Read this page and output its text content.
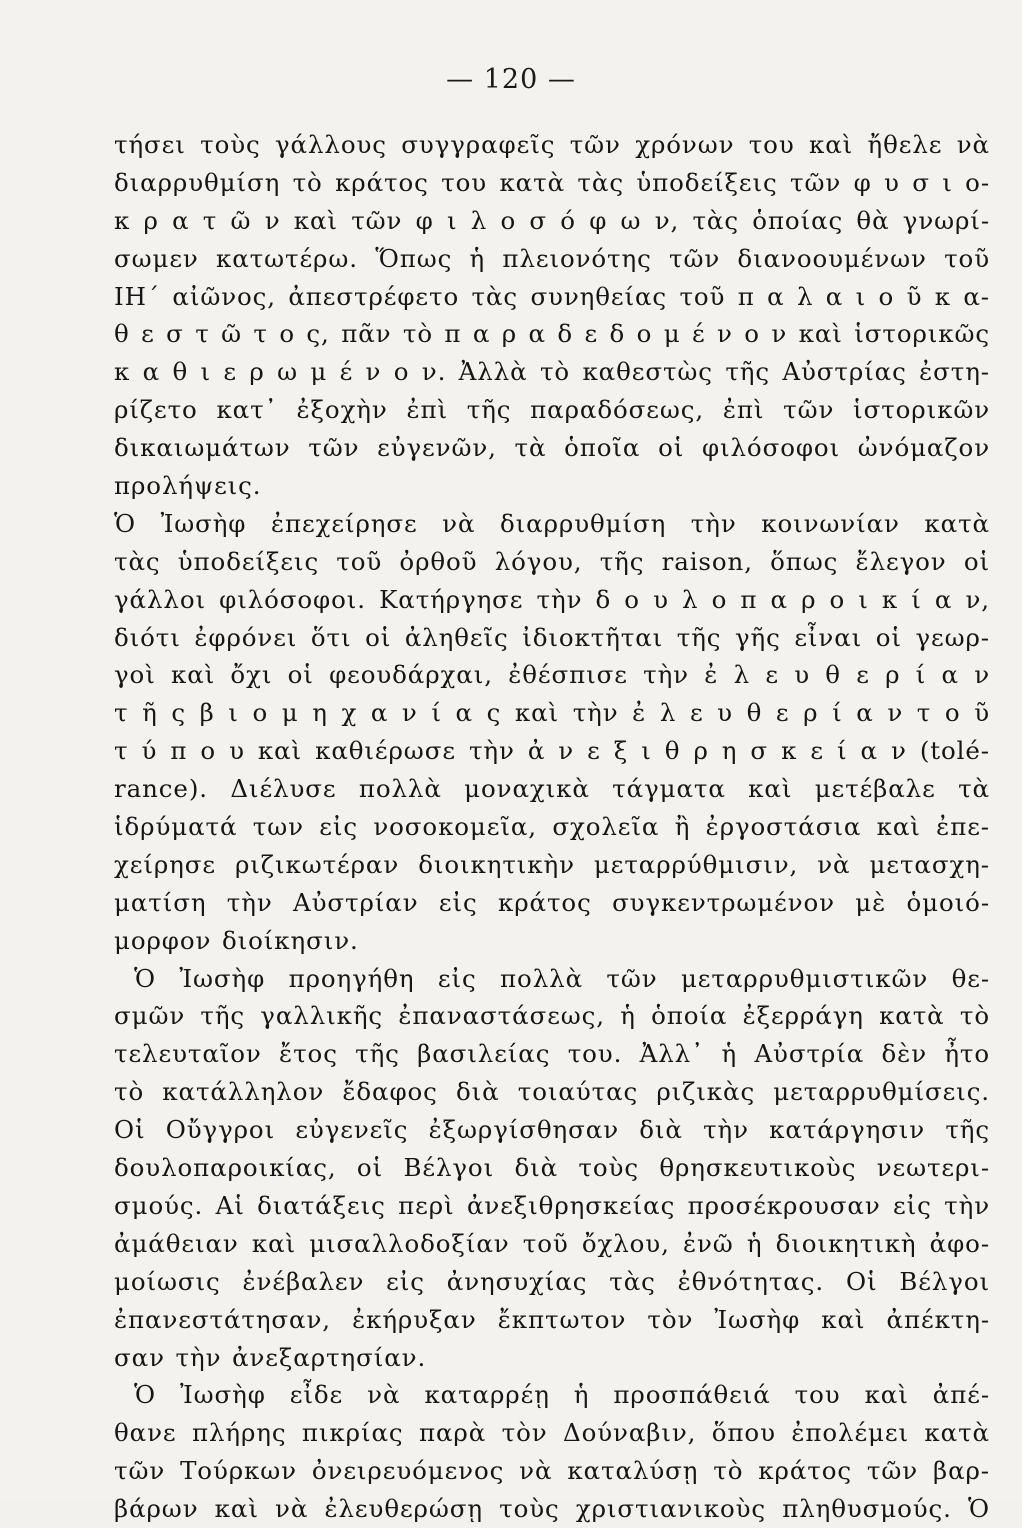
— 120 —
τήσει τοὺς γάλλους συγγραφεῖς τῶν χρόνων του καὶ ἤθελε νὰ
διαρρυθμίση τὸ κράτος του κατὰ τὰς ὑποδείξεις τῶν φ υ σ ι ο-
κ ρ α τ ῶ ν καὶ τῶν φ ι λ ο σ ό φ ω ν, τὰς ὁποίας θὰ γνωρί-
σωμεν κατωτέρω. Ὅπως ἡ πλειονότης τῶν διανοουμένων τοῦ
ΙΗ΄ αἰῶνος, ἀπεστρέφετο τὰς συνηθείας τοῦ π α λ α ι ο ῦ κ α-
θ ε σ τ ῶ τ ο ς, πᾶν τὸ π α ρ α δ ε δ ο μ έ ν ο ν καὶ ἱστορικῶς
κ α θ ι ε ρ ω μ έ ν ο ν. Ἀλλὰ τὸ καθεστὼς τῆς Αὐστρίας ἐστη-
ρίζετο κατ᾽ ἐξοχὴν ἐπὶ τῆς παραδόσεως, ἐπὶ τῶν ἱστορικῶν
δικαιωμάτων τῶν εὐγενῶν, τὰ ὁποῖα οἱ φιλόσοφοι ὠνόμαζον
προλήψεις.
Ὁ Ἰωσὴφ ἐπεχείρησε νὰ διαρρυθμίση τὴν κοινωνίαν κατὰ
τὰς ὑποδείξεις τοῦ ὀρθοῦ λόγου, τῆς raison, ὅπως ἔλεγον οἱ
γάλλοι φιλόσοφοι. Κατήργησε τὴν δ ο υ λ ο π α ρ ο ι κ ί α ν,
διότι ἐφρόνει ὅτι οἱ ἀληθεῖς ἰδιοκτῆται τῆς γῆς εἶναι οἱ γεωρ-
γοὶ καὶ ὄχι οἱ φεουδάρχαι, ἐθέσπισε τὴν ἐ λ ε υ θ ε ρ ί α ν
τ ῆ ς β ι ο μ η χ α ν ί α ς καὶ τὴν ἐ λ ε υ θ ε ρ ί α ν τ ο ῦ
τ ύ π ο υ καὶ καθιέρωσε τὴν ἀ ν ε ξ ι θ ρ η σ κ ε ί α ν (tolé-
rance). Διέλυσε πολλὰ μοναχικὰ τάγματα καὶ μετέβαλε τὰ
ἱδρύματά των εἰς νοσοκομεῖα, σχολεῖα ἢ ἐργοστάσια καὶ ἐπε-
χείρησε ριζικωτέραν διοικητικὴν μεταρρύθμισιν, νὰ μετασχη-
ματίση τὴν Αὐστρίαν εἰς κράτος συγκεντρωμένον μὲ ὁμοιό-
μορφον διοίκησιν.
Ὁ Ἰωσὴφ προηγήθη εἰς πολλὰ τῶν μεταρρυθμιστικῶν θε-
σμῶν τῆς γαλλικῆς ἐπαναστάσεως, ἡ ὁποία ἐξερράγη κατὰ τὸ
τελευταῖον ἔτος τῆς βασιλείας του. Ἀλλ᾽ ἡ Αὐστρία δὲν ἦτο
τὸ κατάλληλον ἔδαφος διὰ τοιαύτας ριζικὰς μεταρρυθμίσεις.
Οἱ Οὔγγροι εὐγενεῖς ἐξωργίσθησαν διὰ τὴν κατάργησιν τῆς
δουλοπαροικίας, οἱ Βέλγοι διὰ τοὺς θρησκευτικοὺς νεωτερι-
σμούς. Αἱ διατάξεις περὶ ἀνεξιθρησκείας προσέκρουσαν εἰς τὴν
ἀμάθειαν καὶ μισαλλοδοξίαν τοῦ ὄχλου, ἐνῶ ἡ διοικητικὴ ἀφο-
μοίωσις ἐνέβαλεν εἰς ἀνησυχίας τὰς ἐθνότητας. Οἱ Βέλγοι
ἐπανεστάτησαν, ἐκήρυξαν ἔκπτωτον τὸν Ἰωσὴφ καὶ ἀπέκτη-
σαν τὴν ἀνεξαρτησίαν.
Ὁ Ἰωσὴφ εἶδε νὰ καταρρέῃ ἡ προσπάθειά του καὶ ἀπέ-
θανε πλήρης πικρίας παρὰ τὸν Δούναβιν, ὅπου ἐπολέμει κατὰ
τῶν Τούρκων ὀνειρευόμενος νὰ καταλύσῃ τὸ κράτος τῶν βαρ-
βάρων καὶ νὰ ἐλευθερώσῃ τοὺς χριστιανικοὺς πληθυσμούς. Ὁ
